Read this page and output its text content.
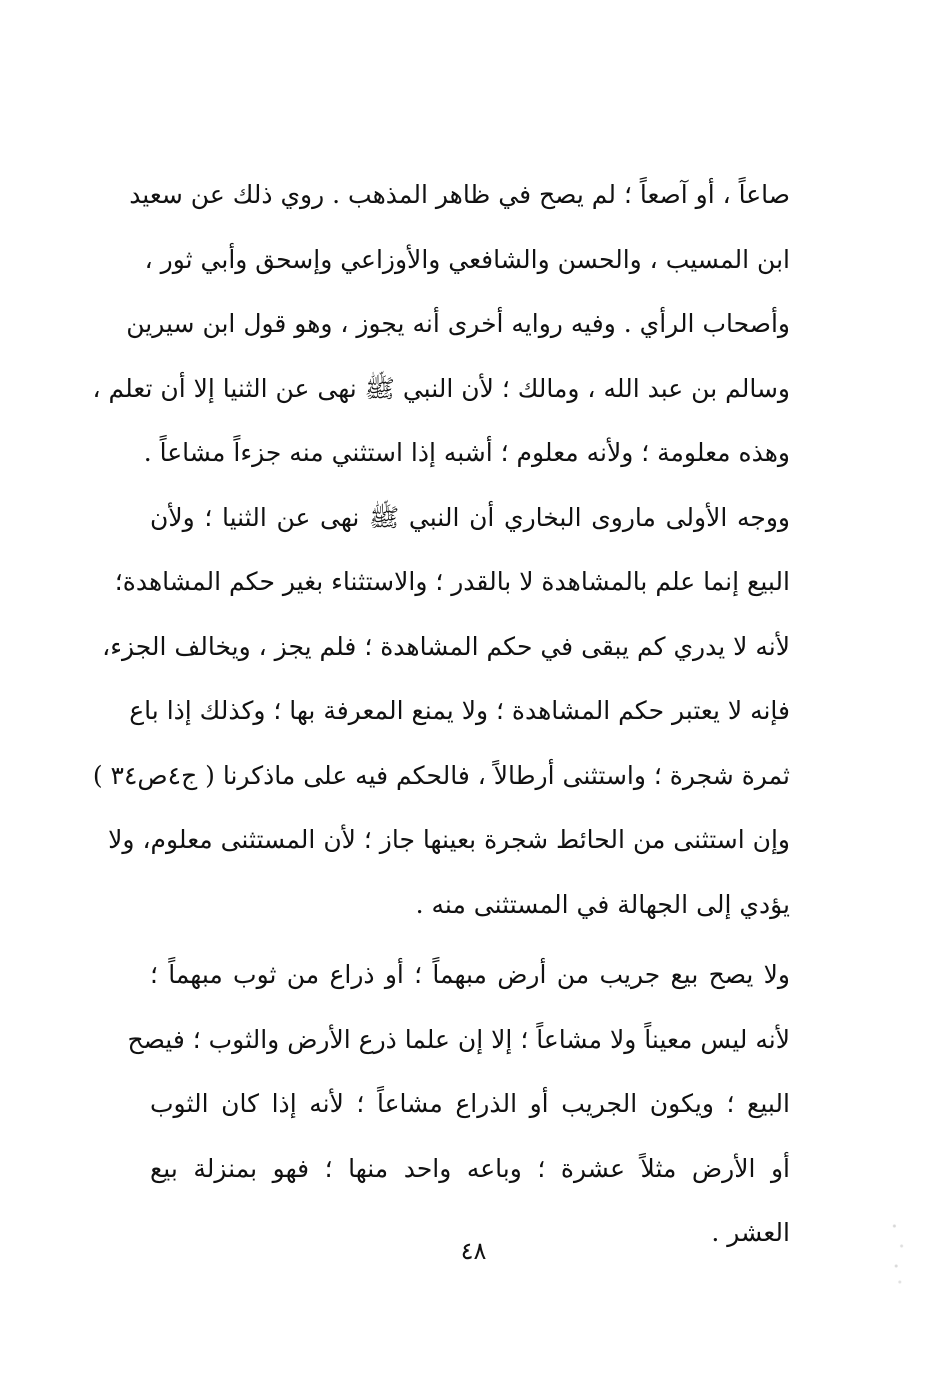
صاعاً ، أو آصعاً ؛ لم يصح في ظاهر المذهب . روي ذلك عن سعيد
ابن المسيب ، والحسن والشافعي والأوزاعي وإسحق وأبي ثور ،
وأصحاب الرأي . وفيه روايه أخرى أنه يجوز ، وهو قول ابن سيرين
وسالم بن عبد الله ، ومالك ؛ لأن النبي ﷺ نهى عن الثنيا إلا أن تعلم ،
وهذه معلومة ؛ ولأنه معلوم ؛ أشبه إذا استثني منه جزءاً مشاعاً .
ووجه الأولى ماروى البخاري أن النبي ﷺ نهى عن الثنيا ؛ ولأن
البيع إنما علم بالمشاهدة لا بالقدر ؛ والاستثناء بغير حكم المشاهدة؛
لأنه لا يدري كم يبقى في حكم المشاهدة ؛ فلم يجز ، ويخالف الجزء،
فإنه لا يعتبر حكم المشاهدة ؛ ولا يمنع المعرفة بها ؛ وكذلك إذا باع
ثمرة شجرة ؛ واستثنى أرطالاً ، فالحكم فيه على ماذكرنا ( ج٤ص٣٤ )
وإن استثنى من الحائط شجرة بعينها جاز ؛ لأن المستثنى معلوم، ولا
يؤدي إلى الجهالة في المستثنى منه .
ولا يصح بيع جريب من أرض مبهماً ؛ أو ذراع من ثوب مبهماً ؛
لأنه ليس معيناً ولا مشاعاً ؛ إلا إن علما ذرع الأرض والثوب ؛ فيصح
البيع ؛ ويكون الجريب أو الذراع مشاعاً ؛ لأنه إذا كان الثوب
أو الأرض مثلاً عشرة ؛ وباعه واحد منها ؛ فهو بمنزلة بيع
العشر .
٤٨
